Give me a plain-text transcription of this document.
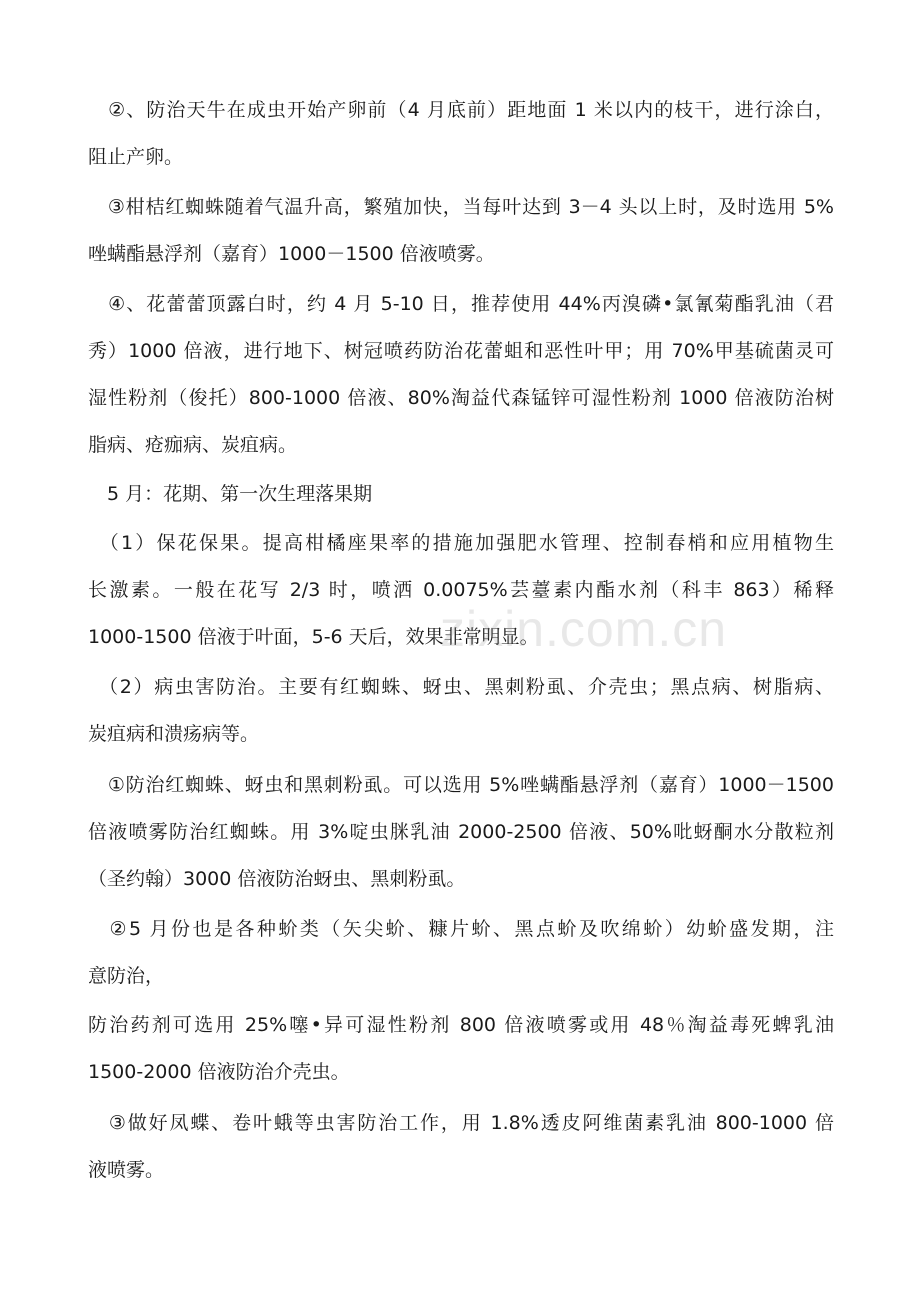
　②、防治天牛在成虫开始产卵前（4 月底前）距地面 1 米以内的枝干，进行涂白，
阻止产卵。
　③柑桔红蜘蛛随着气温升高，繁殖加快，当每叶达到 3－4 头以上时，及时选用 5%
唑螨酯悬浮剂（嘉育）1000－1500 倍液喷雾。
　④、花蕾蕾顶露白时，约 4 月 5-10 日，推荐使用 44%丙溴磷•氯氰菊酯乳油（君
秀）1000 倍液，进行地下、树冠喷药防治花蕾蛆和恶性叶甲；用 70%甲基硫菌灵可
湿性粉剂（俊托）800-1000 倍液、80%淘益代森锰锌可湿性粉剂 1000 倍液防治树
脂病、疮痂病、炭疽病。
　5 月：花期、第一次生理落果期
　（1）保花保果。提高柑橘座果率的措施加强肥水管理、控制春梢和应用植物生
长激素。一般在花写 2/3 时，喷洒 0.0075%芸薹素内酯水剂（科丰 863）稀释
1000-1500 倍液于叶面，5-6 天后，效果非常明显。
　（2）病虫害防治。主要有红蜘蛛、蚜虫、黑刺粉虱、介壳虫；黑点病、树脂病、
炭疽病和溃疡病等。
　①防治红蜘蛛、蚜虫和黑刺粉虱。可以选用 5%唑螨酯悬浮剂（嘉育）1000－1500
倍液喷雾防治红蜘蛛。用 3%啶虫脒乳油 2000-2500 倍液、50%吡蚜酮水分散粒剂
（圣约翰）3000 倍液防治蚜虫、黑刺粉虱。
　②5 月份也是各种蚧类（矢尖蚧、糠片蚧、黑点蚧及吹绵蚧）幼蚧盛发期，注
意防治，
防治药剂可选用 25%噻•异可湿性粉剂 800 倍液喷雾或用 48％淘益毒死蜱乳油
1500-2000 倍液防治介壳虫。
　③做好凤蝶、卷叶蛾等虫害防治工作，用 1.8%透皮阿维菌素乳油 800-1000 倍
液喷雾。
zixin.com.cn
